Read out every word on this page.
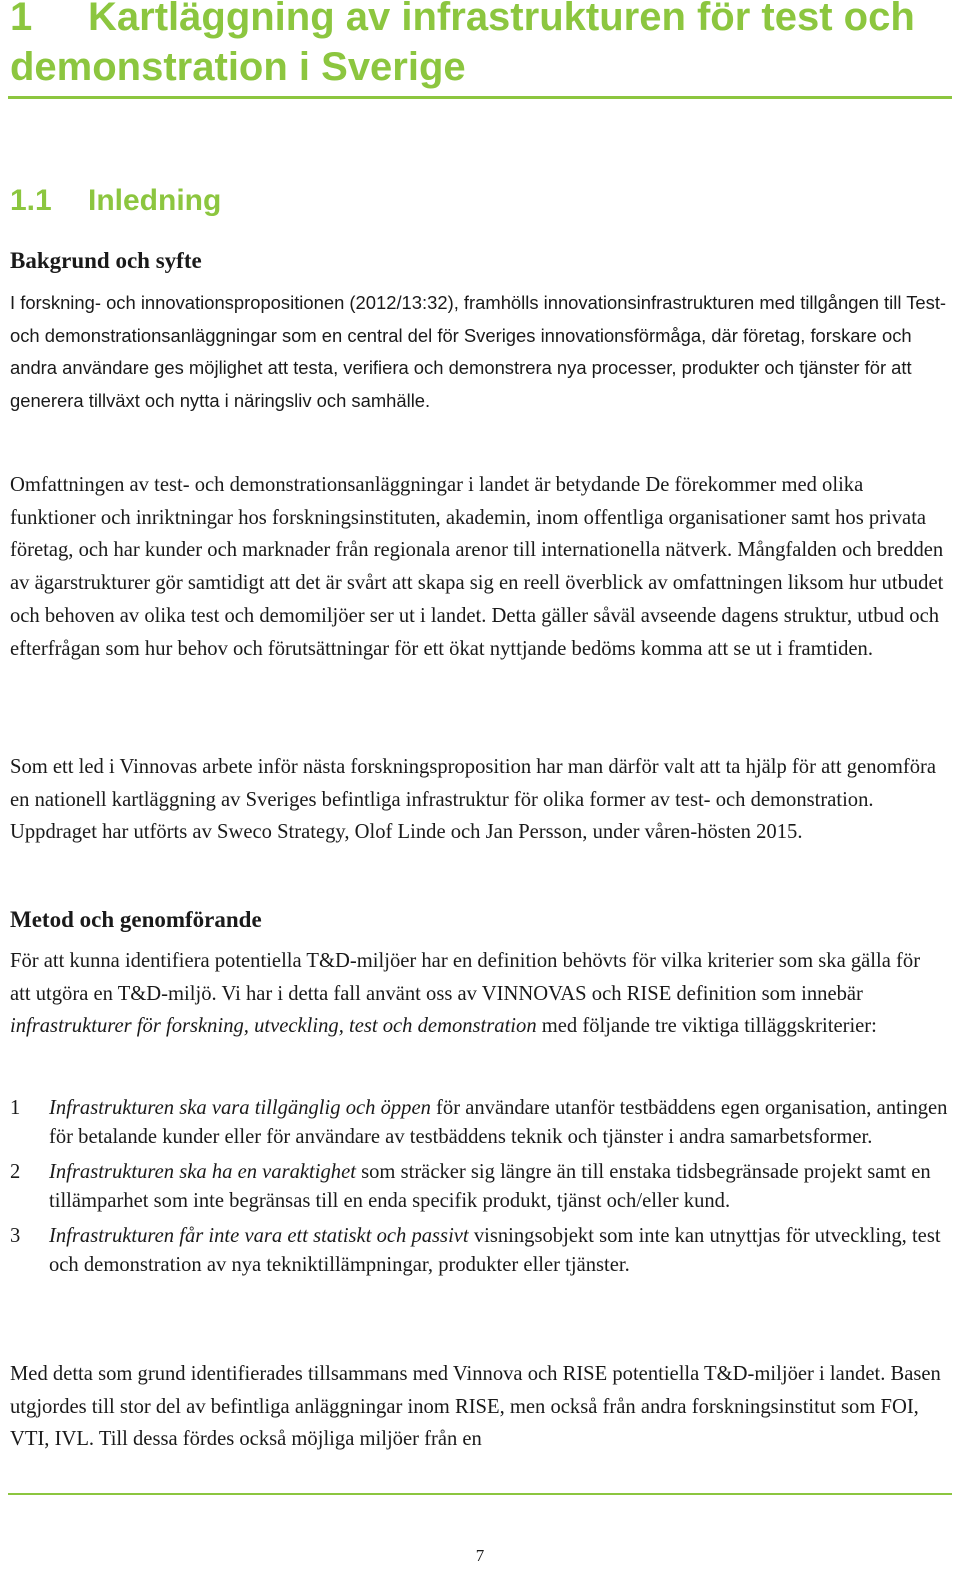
1 Kartläggning av infrastrukturen för test och demonstration i Sverige
1.1 Inledning
Bakgrund och syfte

I forskning- och innovationspropositionen (2012/13:32), framhölls innovationsinfrastrukturen med tillgången till Test- och demonstrationsanläggningar som en central del för Sveriges innovationsförmåga, där företag, forskare och andra användare ges möjlighet att testa, verifiera och demonstrera nya processer, produkter och tjänster för att generera tillväxt och nytta i näringsliv och samhälle.

Omfattningen av test- och demonstrationsanläggningar i landet är betydande De förekommer med olika funktioner och inriktningar hos forskningsinstituten, akademin, inom offentliga organisationer samt hos privata företag, och har kunder och marknader från regionala arenor till internationella nätverk. Mångfalden och bredden av ägarstrukturer gör samtidigt att det är svårt att skapa sig en reell överblick av omfattningen liksom hur utbudet och behoven av olika test och demomiljöer ser ut i landet. Detta gäller såväl avseende dagens struktur, utbud och efterfrågan som hur behov och förutsättningar för ett ökat nyttjande bedöms komma att se ut i framtiden.

Som ett led i Vinnovas arbete inför nästa forskningsproposition har man därför valt att ta hjälp för att genomföra en nationell kartläggning av Sveriges befintliga infrastruktur för olika former av test- och demonstration. Uppdraget har utförts av Sweco Strategy, Olof Linde och Jan Persson, under våren-hösten 2015.

Metod och genomförande

För att kunna identifiera potentiella T&D-miljöer har en definition behövts för vilka kriterier som ska gälla för att utgöra en T&D-miljö. Vi har i detta fall använt oss av VINNOVAS och RISE definition som innebär infrastrukturer för forskning, utveckling, test och demonstration med följande tre viktiga tilläggskriterier:

1 Infrastrukturen ska vara tillgänglig och öppen för användare utanför testbäddens egen organisation, antingen för betalande kunder eller för användare av testbäddens teknik och tjänster i andra samarbetsformer.
2 Infrastrukturen ska ha en varaktighet som sträcker sig längre än till enstaka tidsbegränsade projekt samt en tillämparhet som inte begränsas till en enda specifik produkt, tjänst och/eller kund.
3 Infrastrukturen får inte vara ett statiskt och passivt visningsobjekt som inte kan utnyttjas för utveckling, test och demonstration av nya tekniktillämpningar, produkter eller tjänster.

Med detta som grund identifierades tillsammans med Vinnova och RISE potentiella T&D-miljöer i landet. Basen utgjordes till stor del av befintliga anläggningar inom RISE, men också från andra forskningsinstitut som FOI, VTI, IVL. Till dessa fördes också möjliga miljöer från en

7
